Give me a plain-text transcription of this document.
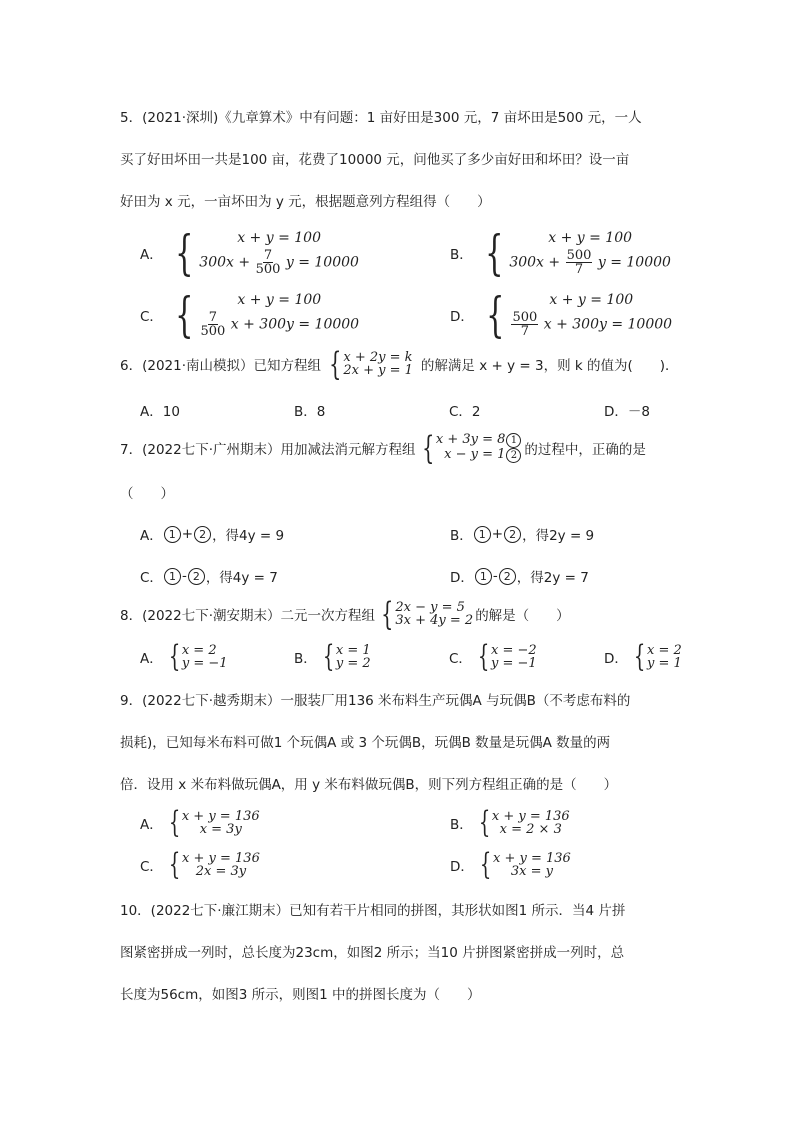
5．(2021·深圳)《九章算术》中有问题：1 亩好田是300 元，7 亩坏田是500 元，一人
买了好田坏田一共是100 亩，花费了10000 元，问他买了多少亩好田和坏田？设一亩
好田为 x 元，一亩坏田为 y 元，根据题意列方程组得（　　）
A． {	x + y = 100
$300x + \frac{7}{500}$ y = 10000	B． {	x + y = 100
$300x + \frac{500}{7}$ y = 10000
C． {	x + y = 100
$\frac{7}{500}$ x + 300y = 10000	D． {	x + y = 100
$\frac{500}{7}$ x + 300y = 10000
6．(2021·南山模拟）已知方程组 { x + 2y = k
2x + y = 1 的解满足 x + y = 3，则 k 的值为(　　)．
A．10	B．8	C．2	D．－8
7．(2022七下·广州期末）用加减法消元解方程组 { x + 3y = 8 1
x − y = 1 2 的过程中，正确的是
（　　）
A． 1 + 2 ，得4y = 9	B． 1 + 2 ，得2y = 9
C． 1 - 2 ，得4y = 7	D． 1 - 2 ，得2y = 7
8．(2022七下·潮安期末）二元一次方程组 { 2x − y = 5
3x + 4y = 2 的解是（　　）
A． { x = 2
y = −1	B． { x = 1
y = 2	C． { x = −2
y = −1	D． { x = 2
y = 1
9．(2022七下·越秀期末）一服装厂用136 米布料生产玩偶A 与玩偶B（不考虑布料的
损耗)，已知每米布料可做1 个玩偶A 或 3 个玩偶B，玩偶B 数量是玩偶A 数量的两
倍．设用 x 米布料做玩偶A，用 y 米布料做玩偶B，则下列方程组正确的是（　　）
A． { x + y = 136
x = 3y	B． { x + y = 136
x = 2 × 3
C． { x + y = 136
2x = 3y	D． { x + y = 136
3x = y
10．(2022七下·廉江期末）已知有若干片相同的拼图，其形状如图1 所示．当4 片拼
图紧密拼成一列时，总长度为23cm，如图2 所示；当10 片拼图紧密拼成一列时，总
长度为56cm，如图3 所示，则图1 中的拼图长度为（　　）
